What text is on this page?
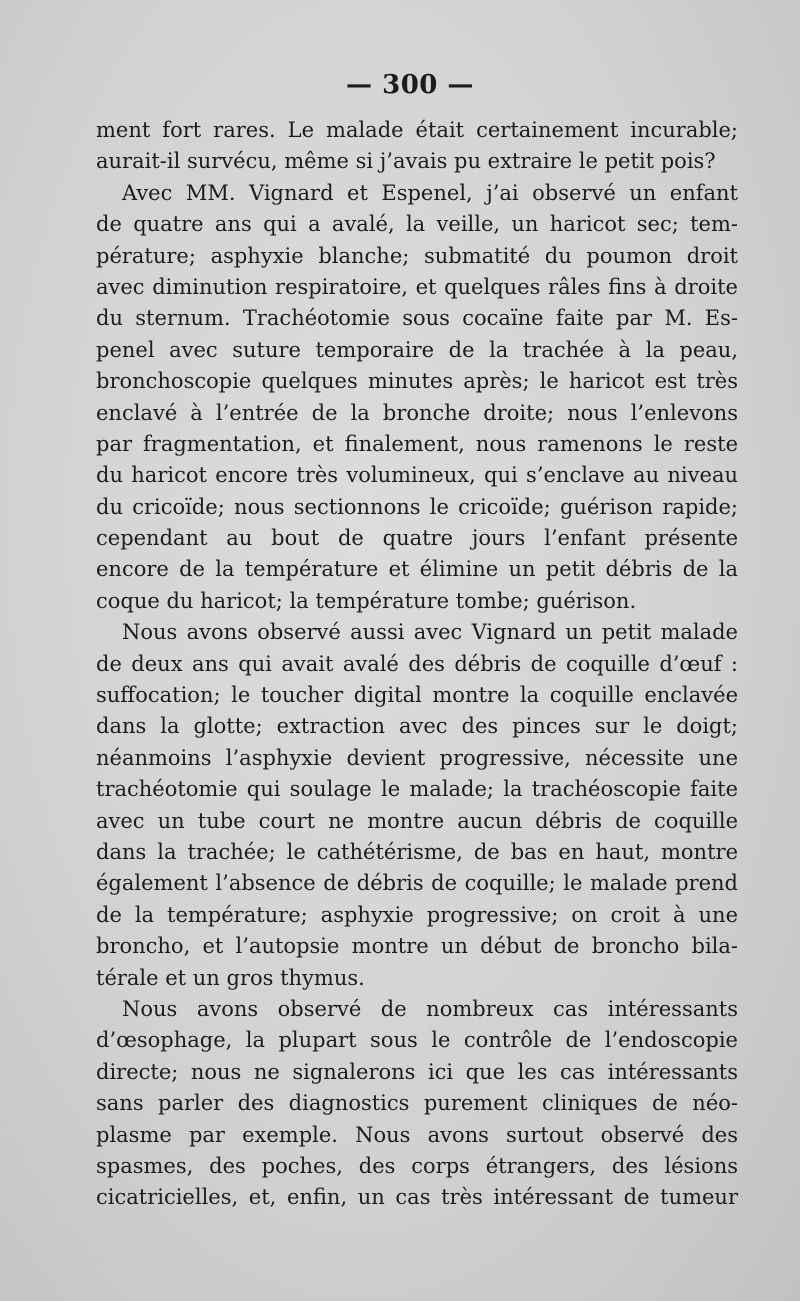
— 300 —
ment fort rares. Le malade était certainement incurable;
aurait-il survécu, même si j’avais pu extraire le petit pois?
Avec MM. Vignard et Espenel, j’ai observé un enfant
de quatre ans qui a avalé, la veille, un haricot sec; tem-
pérature; asphyxie blanche; submatité du poumon droit
avec diminution respiratoire, et quelques râles fins à droite
du sternum. Trachéotomie sous cocaïne faite par M. Es-
penel avec suture temporaire de la trachée à la peau,
bronchoscopie quelques minutes après; le haricot est très
enclavé à l’entrée de la bronche droite; nous l’enlevons
par fragmentation, et finalement, nous ramenons le reste
du haricot encore très volumineux, qui s’enclave au niveau
du cricoïde; nous sectionnons le cricoïde; guérison rapide;
cependant au bout de quatre jours l’enfant présente
encore de la température et élimine un petit débris de la
coque du haricot; la température tombe; guérison.
Nous avons observé aussi avec Vignard un petit malade
de deux ans qui avait avalé des débris de coquille d’œuf :
suffocation; le toucher digital montre la coquille enclavée
dans la glotte; extraction avec des pinces sur le doigt;
néanmoins l’asphyxie devient progressive, nécessite une
trachéotomie qui soulage le malade; la trachéoscopie faite
avec un tube court ne montre aucun débris de coquille
dans la trachée; le cathétérisme, de bas en haut, montre
également l’absence de débris de coquille; le malade prend
de la température; asphyxie progressive; on croit à une
broncho, et l’autopsie montre un début de broncho bila-
térale et un gros thymus.
Nous avons observé de nombreux cas intéressants
d’œsophage, la plupart sous le contrôle de l’endoscopie
directe; nous ne signalerons ici que les cas intéressants
sans parler des diagnostics purement cliniques de néo-
plasme par exemple. Nous avons surtout observé des
spasmes, des poches, des corps étrangers, des lésions
cicatricielles, et, enfin, un cas très intéressant de tumeur
